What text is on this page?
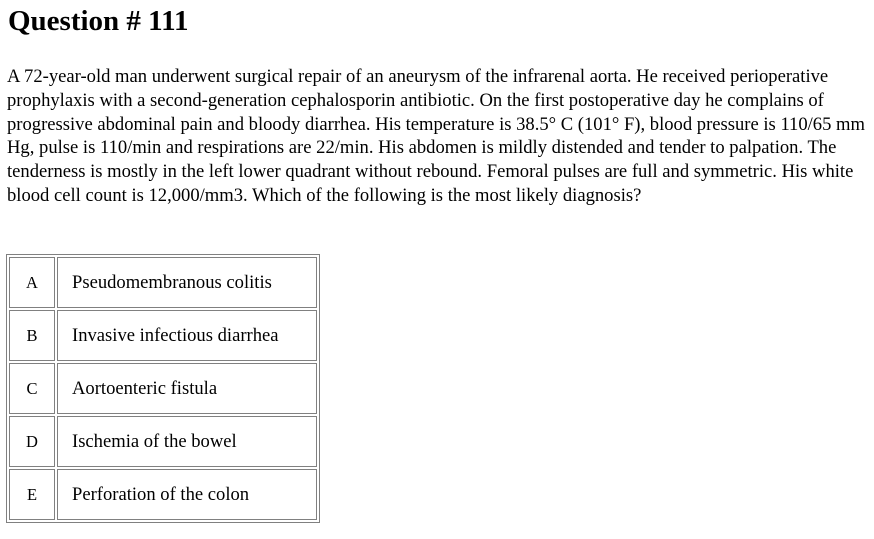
Question # 111

A 72-year-old man underwent surgical repair of an aneurysm of the infrarenal aorta. He received perioperative prophylaxis with a second-generation cephalosporin antibiotic. On the first postoperative day he complains of progressive abdominal pain and bloody diarrhea. His temperature is 38.5° C (101° F), blood pressure is 110/65 mm Hg, pulse is 110/min and respirations are 22/min. His abdomen is mildly distended and tender to palpation. The tenderness is mostly in the left lower quadrant without rebound. Femoral pulses are full and symmetric. His white blood cell count is 12,000/mm3. Which of the following is the most likely diagnosis?

A	Pseudomembranous colitis
B	Invasive infectious diarrhea
C	Aortoenteric fistula
D	Ischemia of the bowel
E	Perforation of the colon
